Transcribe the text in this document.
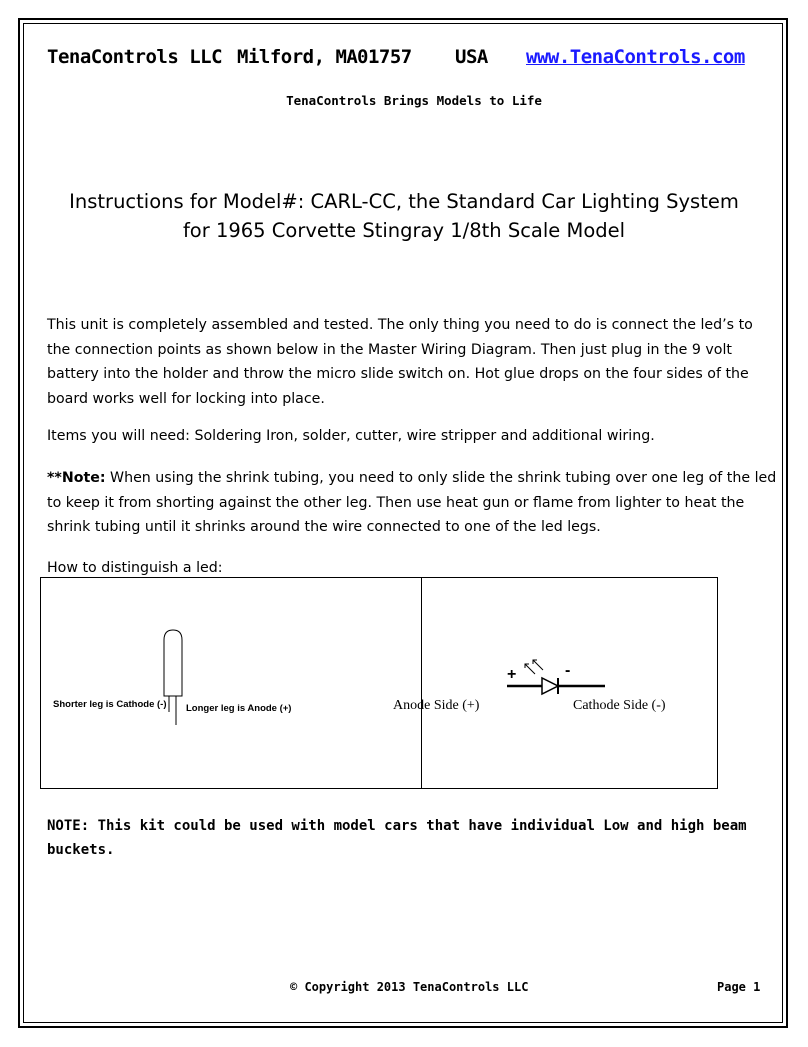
TenaControls LLC Milford, MA 01757 USA www.TenaControls.com
TenaControls Brings Models to Life
Instructions for Model#: CARL-CC, the Standard Car Lighting System
for 1965 Corvette Stingray 1/8th Scale Model
This unit is completely assembled and tested. The only thing you need to do is connect the led’s to the connection points as shown below in the Master Wiring Diagram. Then just plug in the 9 volt battery into the holder and throw the micro slide switch on. Hot glue drops on the four sides of the board works well for locking into place.
Items you will need: Soldering Iron, solder, cutter, wire stripper and additional wiring.
**Note: When using the shrink tubing, you need to only slide the shrink tubing over one leg of the led to keep it from shorting against the other leg. Then use heat gun or flame from lighter to heat the shrink tubing until it shrinks around the wire connected to one of the led legs.
How to distinguish a led:
Shorter leg is Cathode (-) Longer leg is Anode (+)
+	-
Anode Side (+)	Cathode Side (-)
NOTE: This kit could be used with model cars that have individual Low and high beam buckets.
© Copyright 2013 TenaControls LLC	Page 1
